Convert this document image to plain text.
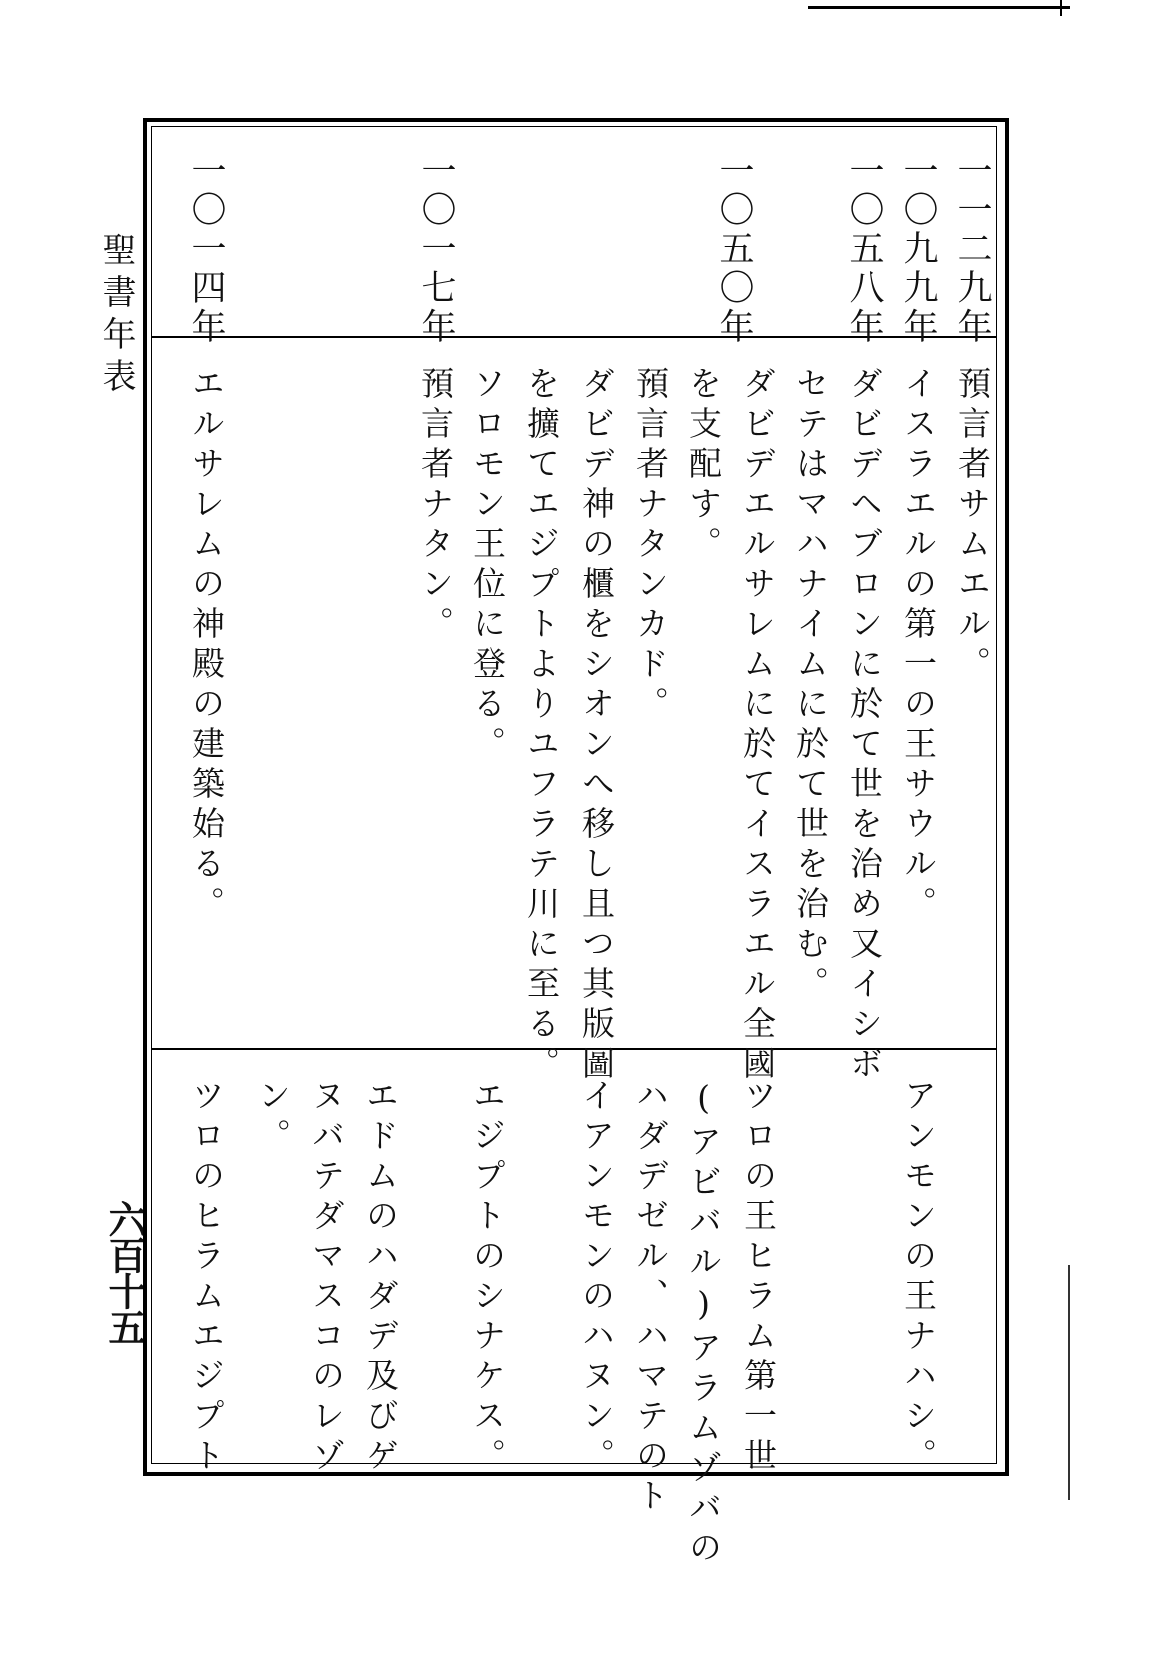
聖書年表
六百十五
一一二九年
一〇九九年
一〇五八年
一〇五〇年
一〇一七年
一〇一四年
預言者サムエル。
イスラエルの第一の王サウル。
ダビデヘブロンに於て世を治め又イシボ
セテはマハナイムに於て世を治む。
ダビデエルサレムに於てイスラエル全國
を支配す。
預言者ナタンカド。
ダビデ神の櫃をシオンへ移し且つ其版圖
を擴てエジプトよりユフラテ川に至る。
ソロモン王位に登る。
預言者ナタン。
エルサレムの神殿の建築始る。
アンモンの王ナハシ。
ツロの王ヒラム第一世
(アビバル)アラムゾバの
ハダデゼル、ハマテのト
イアンモンのハヌン。
エジプトのシナケス。
エドムのハダデ及びゲ
ヌバテダマスコのレゾ
ン。
ツロのヒラムエジプト
